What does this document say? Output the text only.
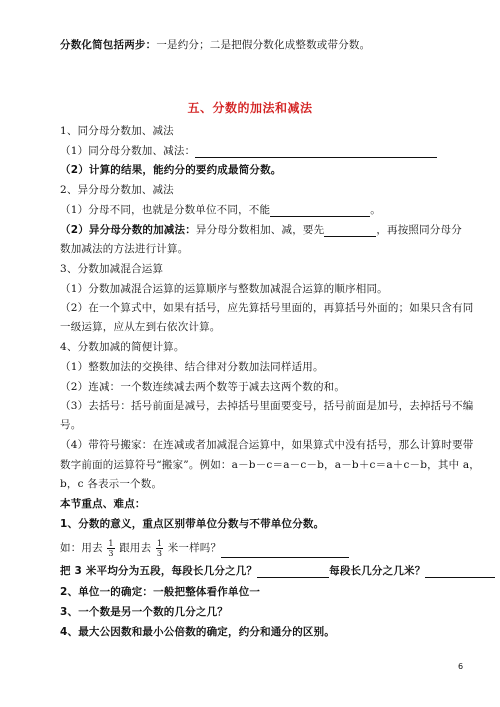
分数化简包括两步：一是约分；二是把假分数化成整数或带分数。
五、分数的加法和减法
1、同分母分数加、减法
（1）同分母分数加、减法：
（2）计算的结果，能约分的要约成最简分数。
2、异分母分数加、减法
（1）分母不同，也就是分数单位不同，不能	。
（2）异分母分数的加减法：异分母分数相加、减，要先	，再按照同分母分
数加减法的方法进行计算。
3、分数加减混合运算
（1）分数加减混合运算的运算顺序与整数加减混合运算的顺序相同。
（2）在一个算式中，如果有括号，应先算括号里面的，再算括号外面的；如果只含有同
一级运算，应从左到右依次计算。
4、分数加减的简便计算。
（1）整数加法的交换律、结合律对分数加法同样适用。
（2）连减：一个数连续减去两个数等于减去这两个数的和。
（3）去括号：括号前面是减号，去掉括号里面要变号，括号前面是加号，去掉括号不编
号。
（4）带符号搬家：在连减或者加减混合运算中，如果算式中没有括号，那么计算时要带
数字前面的运算符号“搬家”。例如：a－b－c＝a－c－b，a－b＋c＝a＋c－b，其中 a，
b，c 各表示一个数。
本节重点、难点：
1、分数的意义，重点区别带单位分数与不带单位分数。
如：用去 $\frac{1}{3}$ 跟用去 $\frac{1}{3}$ 米一样吗？
把 3 米平均分为五段，每段长几分之几？	每段长几分之几米？
2、单位一的确定：一般把整体看作单位一
3、一个数是另一个数的几分之几？
4、最大公因数和最小公倍数的确定，约分和通分的区别。
6
